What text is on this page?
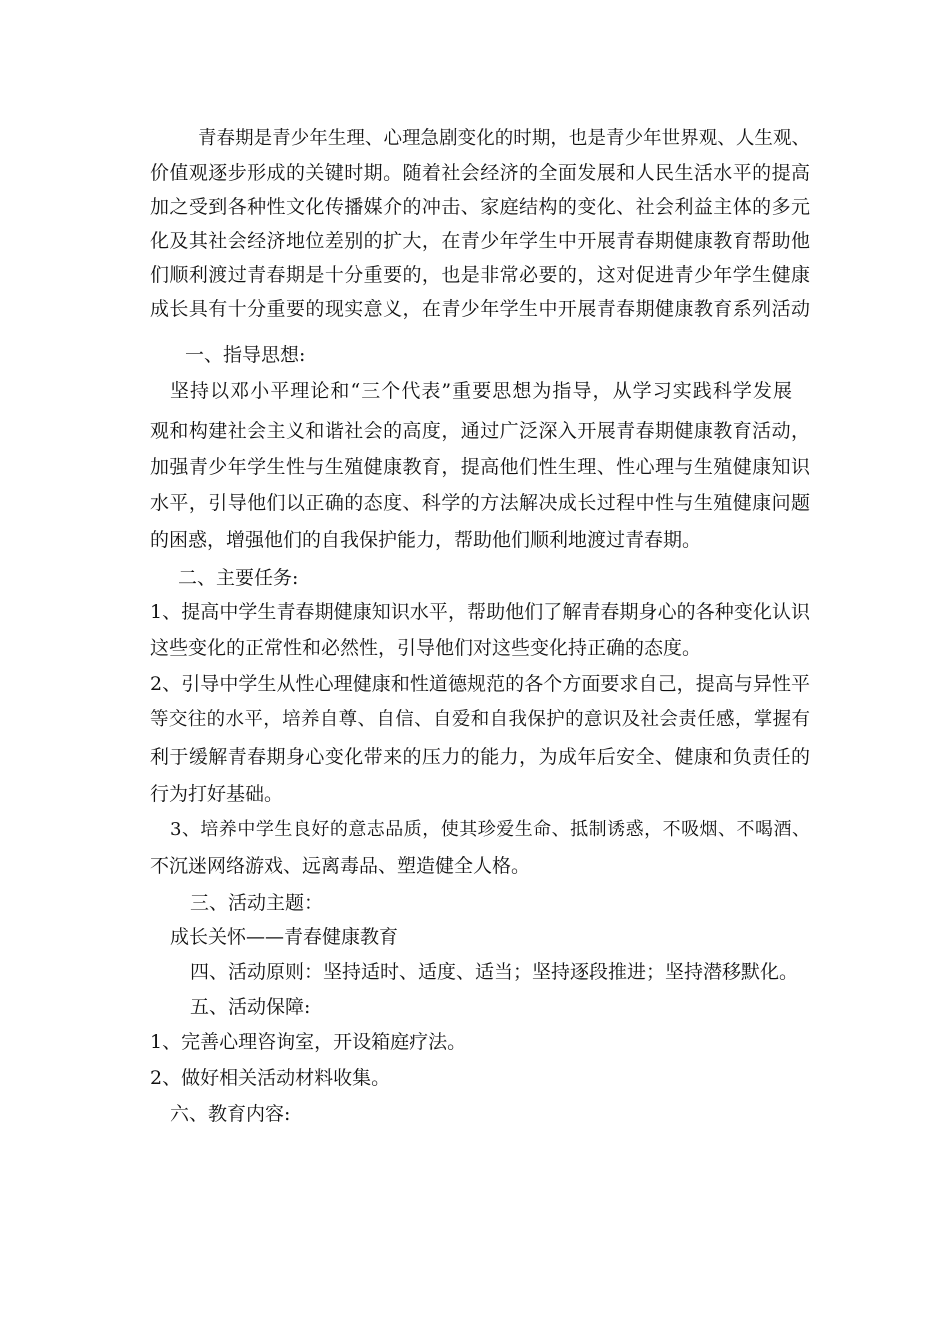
青春期是青少年生理、心理急剧变化的时期，也是青少年世界观、人生观、
价值观逐步形成的关键时期。随着社会经济的全面发展和人民生活水平的提高
加之受到各种性文化传播媒介的冲击、家庭结构的变化、社会利益主体的多元
化及其社会经济地位差别的扩大，在青少年学生中开展青春期健康教育帮助他
们顺利渡过青春期是十分重要的，也是非常必要的，这对促进青少年学生健康
成长具有十分重要的现实意义，在青少年学生中开展青春期健康教育系列活动
一、指导思想:
坚持以邓小平理论和“三个代表”重要思想为指导，从学习实践科学发展
观和构建社会主义和谐社会的高度，通过广泛深入开展青春期健康教育活动，
加强青少年学生性与生殖健康教育，提高他们性生理、性心理与生殖健康知识
水平，引导他们以正确的态度、科学的方法解决成长过程中性与生殖健康问题
的困惑，增强他们的自我保护能力，帮助他们顺利地渡过青春期。
二、主要任务:
1、提高中学生青春期健康知识水平，帮助他们了解青春期身心的各种变化认识
这些变化的正常性和必然性，引导他们对这些变化持正确的态度。
2、引导中学生从性心理健康和性道德规范的各个方面要求自己，提高与异性平
等交往的水平，培养自尊、自信、自爱和自我保护的意识及社会责任感，掌握有
利于缓解青春期身心变化带来的压力的能力，为成年后安全、健康和负责任的
行为打好基础。
3、培养中学生良好的意志品质，使其珍爱生命、抵制诱惑，不吸烟、不喝酒、
不沉迷网络游戏、远离毒品、塑造健全人格。
三、活动主题：
成长关怀——青春健康教育
四、活动原则：坚持适时、适度、适当；坚持逐段推进；坚持潜移默化。
五、活动保障:
1、完善心理咨询室，开设箱庭疗法。
2、做好相关活动材料收集。
六、教育内容:
